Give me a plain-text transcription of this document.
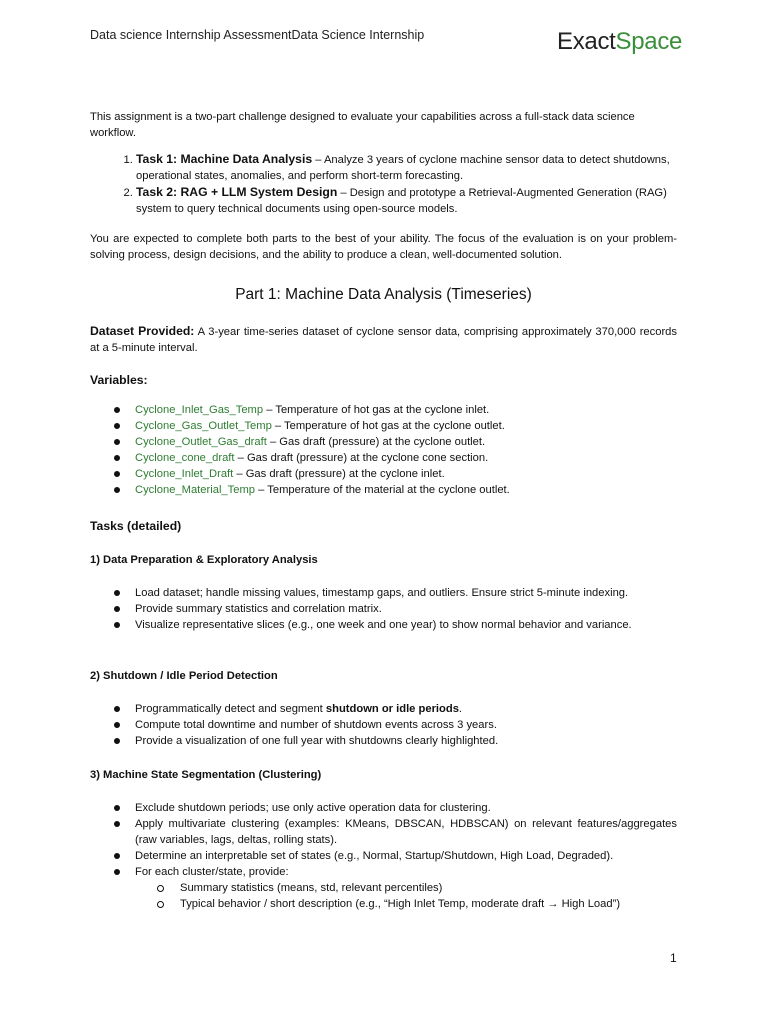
Data science Internship AssessmentData Science Internship	ExactSpace

This assignment is a two-part challenge designed to evaluate your capabilities across a full-stack data science workflow.

1. Task 1: Machine Data Analysis – Analyze 3 years of cyclone machine sensor data to detect shutdowns, operational states, anomalies, and perform short-term forecasting.
2. Task 2: RAG + LLM System Design – Design and prototype a Retrieval-Augmented Generation (RAG) system to query technical documents using open-source models.

You are expected to complete both parts to the best of your ability. The focus of the evaluation is on your problem-solving process, design decisions, and the ability to produce a clean, well-documented solution.

Part 1: Machine Data Analysis (Timeseries)

Dataset Provided: A 3-year time-series dataset of cyclone sensor data, comprising approximately 370,000 records at a 5-minute interval.

Variables:
Cyclone_Inlet_Gas_Temp – Temperature of hot gas at the cyclone inlet.
Cyclone_Gas_Outlet_Temp – Temperature of hot gas at the cyclone outlet.
Cyclone_Outlet_Gas_draft – Gas draft (pressure) at the cyclone outlet.
Cyclone_cone_draft – Gas draft (pressure) at the cyclone cone section.
Cyclone_Inlet_Draft – Gas draft (pressure) at the cyclone inlet.
Cyclone_Material_Temp – Temperature of the material at the cyclone outlet.
Tasks (detailed)
1) Data Preparation & Exploratory Analysis
Load dataset; handle missing values, timestamp gaps, and outliers. Ensure strict 5-minute indexing.
Provide summary statistics and correlation matrix.
Visualize representative slices (e.g., one week and one year) to show normal behavior and variance.
2) Shutdown / Idle Period Detection
Programmatically detect and segment shutdown or idle periods.
Compute total downtime and number of shutdown events across 3 years.
Provide a visualization of one full year with shutdowns clearly highlighted.
3) Machine State Segmentation (Clustering)
Exclude shutdown periods; use only active operation data for clustering.
Apply multivariate clustering (examples: KMeans, DBSCAN, HDBSCAN) on relevant features/aggregates (raw variables, lags, deltas, rolling stats).
Determine an interpretable set of states (e.g., Normal, Startup/Shutdown, High Load, Degraded).
For each cluster/state, provide:
Summary statistics (means, std, relevant percentiles)
Typical behavior / short description (e.g., “High Inlet Temp, moderate draft → High Load”)
1
